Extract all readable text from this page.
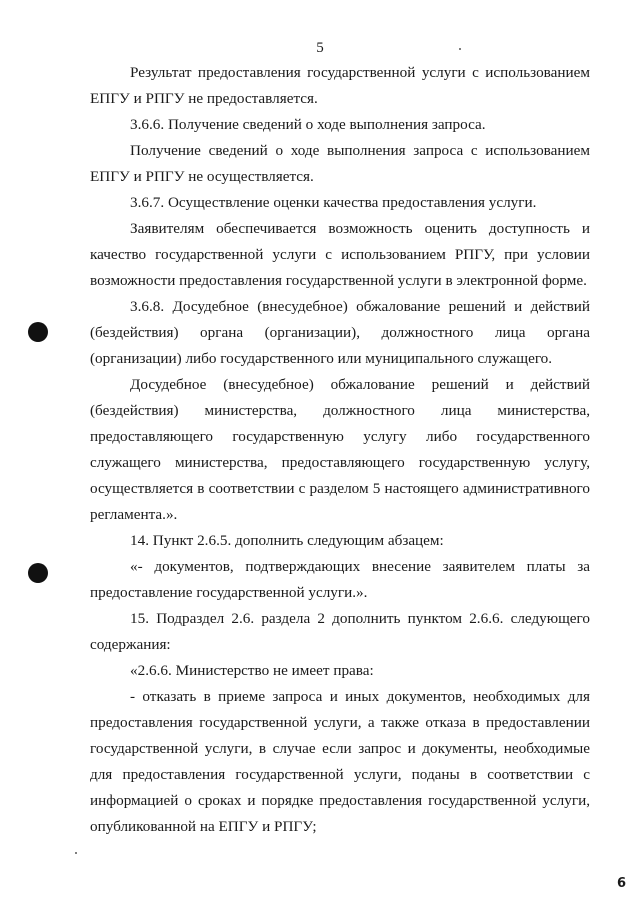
5

Результат предоставления государственной услуги с использованием ЕПГУ и РПГУ не предоставляется.

3.6.6. Получение сведений о ходе выполнения запроса.

Получение сведений о ходе выполнения запроса с использованием ЕПГУ и РПГУ не осуществляется.

3.6.7. Осуществление оценки качества предоставления услуги.

Заявителям обеспечивается возможность оценить доступность и качество государственной услуги с использованием РПГУ, при условии возможности предоставления государственной услуги в электронной форме.

3.6.8. Досудебное (внесудебное) обжалование решений и действий (бездействия) органа (организации), должностного лица органа (организации) либо государственного или муниципального служащего.

Досудебное (внесудебное) обжалование решений и действий (бездействия) министерства, должностного лица министерства, предоставляющего государственную услугу либо государственного служащего министерства, предоставляющего государственную услугу, осуществляется в соответствии с разделом 5 настоящего административного регламента.».

14. Пункт 2.6.5. дополнить следующим абзацем:

«- документов, подтверждающих внесение заявителем платы за предоставление государственной услуги.».

15. Подраздел 2.6. раздела 2 дополнить пунктом 2.6.6. следующего содержания:

«2.6.6. Министерство не имеет права:

- отказать в приеме запроса и иных документов, необходимых для предоставления государственной услуги, а также отказа в предоставлении государственной услуги, в случае если запрос и документы, необходимые для предоставления государственной услуги, поданы в соответствии с информацией о сроках и порядке предоставления государственной услуги, опубликованной на ЕПГУ и РПГУ;

6
